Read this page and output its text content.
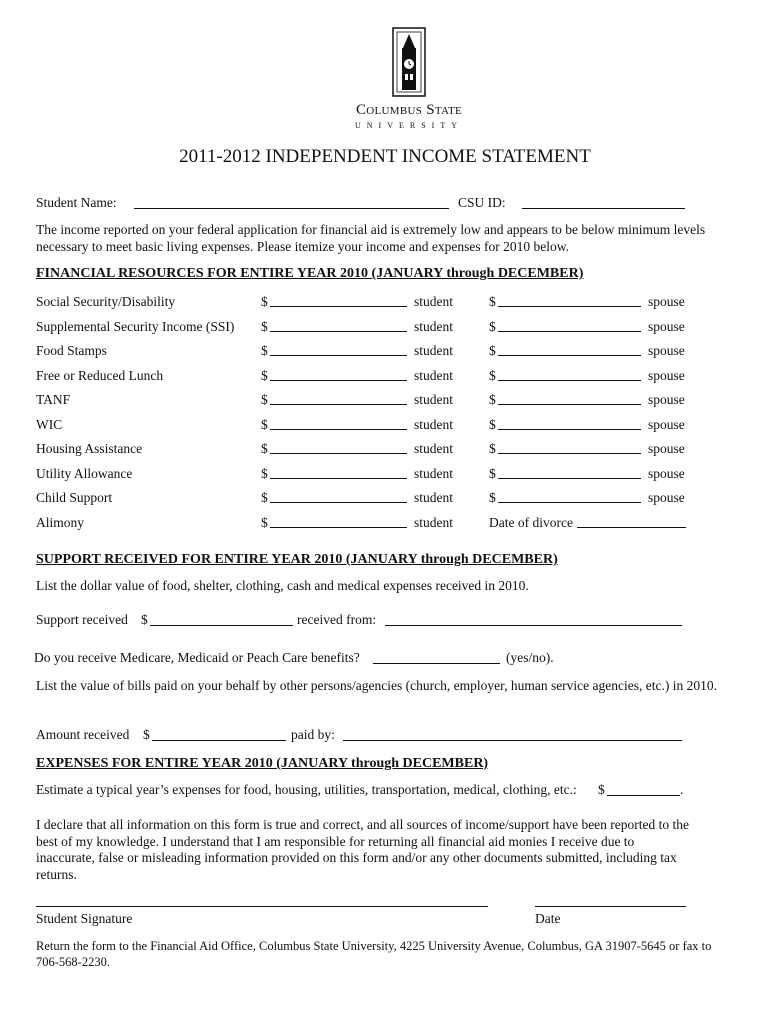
Columbus State
UNIVERSITY
2011-2012 INDEPENDENT INCOME STATEMENT
Student Name:	CSU ID:
The income reported on your federal application for financial aid is extremely low and appears to be below minimum levels necessary to meet basic living expenses. Please itemize your income and expenses for 2010 below.
FINANCIAL RESOURCES FOR ENTIRE YEAR 2010 (JANUARY through DECEMBER)
Social Security/Disability	$	student	$	spouse
Supplemental Security Income (SSI) $	student	$	spouse
Food Stamps	$	student	$	spouse
Free or Reduced Lunch	$	student	$	spouse
TANF	$	student	$	spouse
WIC	$	student	$	spouse
Housing Assistance	$	student	$	spouse
Utility Allowance	$	student	$	spouse
Child Support	$	student	$	spouse
Alimony	$	student	Date of divorce
SUPPORT RECEIVED FOR ENTIRE YEAR 2010 (JANUARY through DECEMBER)
List the dollar value of food, shelter, clothing, cash and medical expenses received in 2010.
Support received $	received from:
Do you receive Medicare, Medicaid or Peach Care benefits?	(yes/no).
List the value of bills paid on your behalf by other persons/agencies (church, employer, human service agencies, etc.) in 2010.
Amount received $	paid by:
EXPENSES FOR ENTIRE YEAR 2010 (JANUARY through DECEMBER)
Estimate a typical year’s expenses for food, housing, utilities, transportation, medical, clothing, etc.: $	.
I declare that all information on this form is true and correct, and all sources of income/support have been reported to the best of my knowledge. I understand that I am responsible for returning all financial aid monies I receive due to inaccurate, false or misleading information provided on this form and/or any other documents submitted, including tax returns.
Student Signature	Date
Return the form to the Financial Aid Office, Columbus State University, 4225 University Avenue, Columbus, GA 31907-5645 or fax to 706-568-2230.
